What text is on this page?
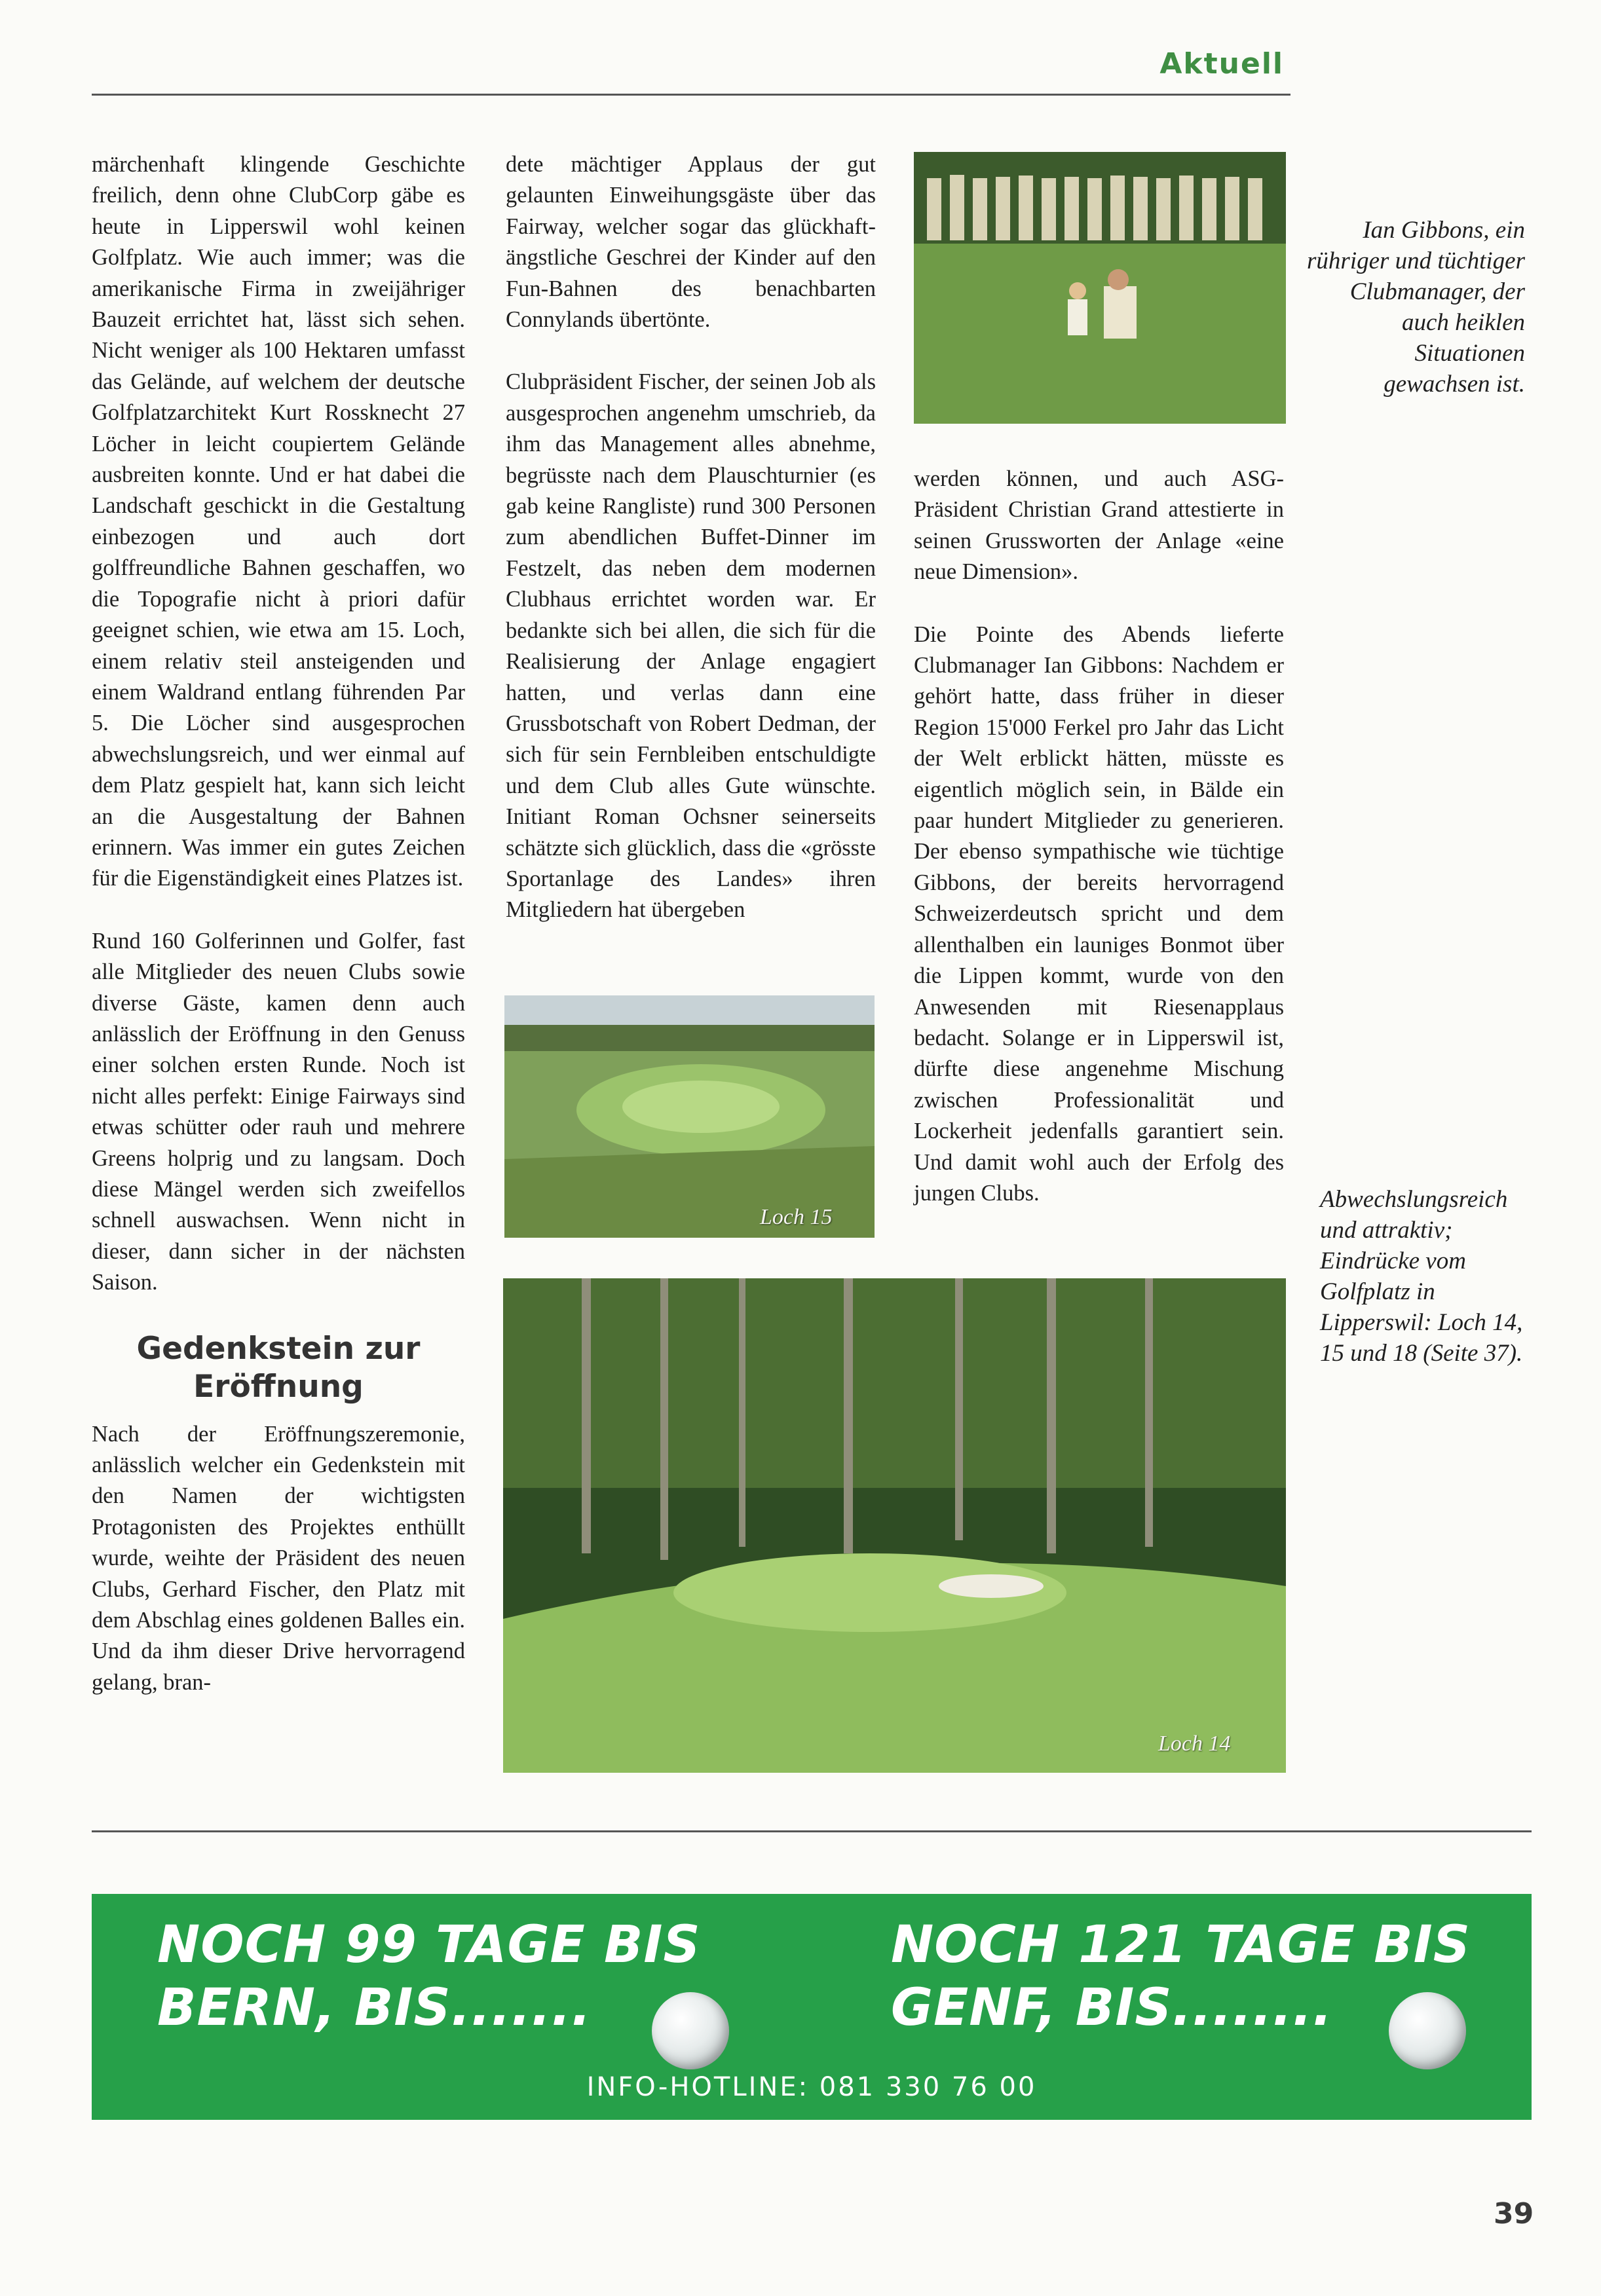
Aktuell

märchenhaft klingende Geschichte freilich, denn ohne ClubCorp gäbe es heute in Lipperswil wohl keinen Golfplatz. Wie auch immer; was die amerikanische Firma in zweijähriger Bauzeit errichtet hat, lässt sich sehen. Nicht weniger als 100 Hektaren umfasst das Gelände, auf welchem der deutsche Golfplatzarchitekt Kurt Rossknecht 27 Löcher in leicht coupiertem Gelände ausbreiten konnte. Und er hat dabei die Landschaft geschickt in die Gestaltung einbezogen und auch dort golffreundliche Bahnen geschaffen, wo die Topografie nicht à priori dafür geeignet schien, wie etwa am 15. Loch, einem relativ steil ansteigenden und einem Waldrand entlang führenden Par 5. Die Löcher sind ausgesprochen abwechslungsreich, und wer einmal auf dem Platz gespielt hat, kann sich leicht an die Ausgestaltung der Bahnen erinnern. Was immer ein gutes Zeichen für die Eigenständigkeit eines Platzes ist.

Rund 160 Golferinnen und Golfer, fast alle Mitglieder des neuen Clubs sowie diverse Gäste, kamen denn auch anlässlich der Eröffnung in den Genuss einer solchen ersten Runde. Noch ist nicht alles perfekt: Einige Fairways sind etwas schütter oder rauh und mehrere Greens holprig und zu langsam. Doch diese Mängel werden sich zweifellos schnell auswachsen. Wenn nicht in dieser, dann sicher in der nächsten Saison.

Gedenkstein zur
Eröffnung

Nach der Eröffnungszeremonie, anlässlich welcher ein Gedenkstein mit den Namen der wichtigsten Protagonisten des Projektes enthüllt wurde, weihte der Präsident des neuen Clubs, Gerhard Fischer, den Platz mit dem Abschlag eines goldenen Balles ein. Und da ihm dieser Drive hervorragend gelang, bran-

dete mächtiger Applaus der gut gelaunten Einweihungsgäste über das Fairway, welcher sogar das glückhaft-ängstliche Geschrei der Kinder auf den Fun-Bahnen des benachbarten Connylands übertönte.

Clubpräsident Fischer, der seinen Job als ausgesprochen angenehm umschrieb, da ihm das Management alles abnehme, begrüsste nach dem Plauschturnier (es gab keine Rangliste) rund 300 Personen zum abendlichen Buffet-Dinner im Festzelt, das neben dem modernen Clubhaus errichtet worden war. Er bedankte sich bei allen, die sich für die Realisierung der Anlage engagiert hatten, und verlas dann eine Grussbotschaft von Robert Dedman, der sich für sein Fernbleiben entschuldigte und dem Club alles Gute wünschte. Initiant Roman Ochsner seinerseits schätzte sich glücklich, dass die «grösste Sportanlage des Landes» ihren Mitgliedern hat übergeben

werden können, und auch ASG-Präsident Christian Grand attestierte in seinen Grussworten der Anlage «eine neue Dimension».

Die Pointe des Abends lieferte Clubmanager Ian Gibbons: Nachdem er gehört hatte, dass früher in dieser Region 15'000 Ferkel pro Jahr das Licht der Welt erblickt hätten, müsste es eigentlich möglich sein, in Bälde ein paar hundert Mitglieder zu generieren. Der ebenso sympathische wie tüchtige Gibbons, der bereits hervorragend Schweizerdeutsch spricht und dem allenthalben ein launiges Bonmot über die Lippen kommt, wurde von den Anwesenden mit Riesenapplaus bedacht. Solange er in Lipperswil ist, dürfte diese angenehme Mischung zwischen Professionalität und Lockerheit jedenfalls garantiert sein. Und damit wohl auch der Erfolg des jungen Clubs.

Ian Gibbons, ein rühriger und tüchtiger Clubmanager, der auch heiklen Situationen gewachsen ist.
Loch 15
Loch 14
Abwechslungsreich und attraktiv; Eindrücke vom Golfplatz in Lipperswil: Loch 14, 15 und 18 (Seite 37).
NOCH 99 TAGE BIS
BERN, BIS.......
NOCH 121 TAGE BIS
GENF, BIS........
INFO-HOTLINE: 081 330 76 00
39
